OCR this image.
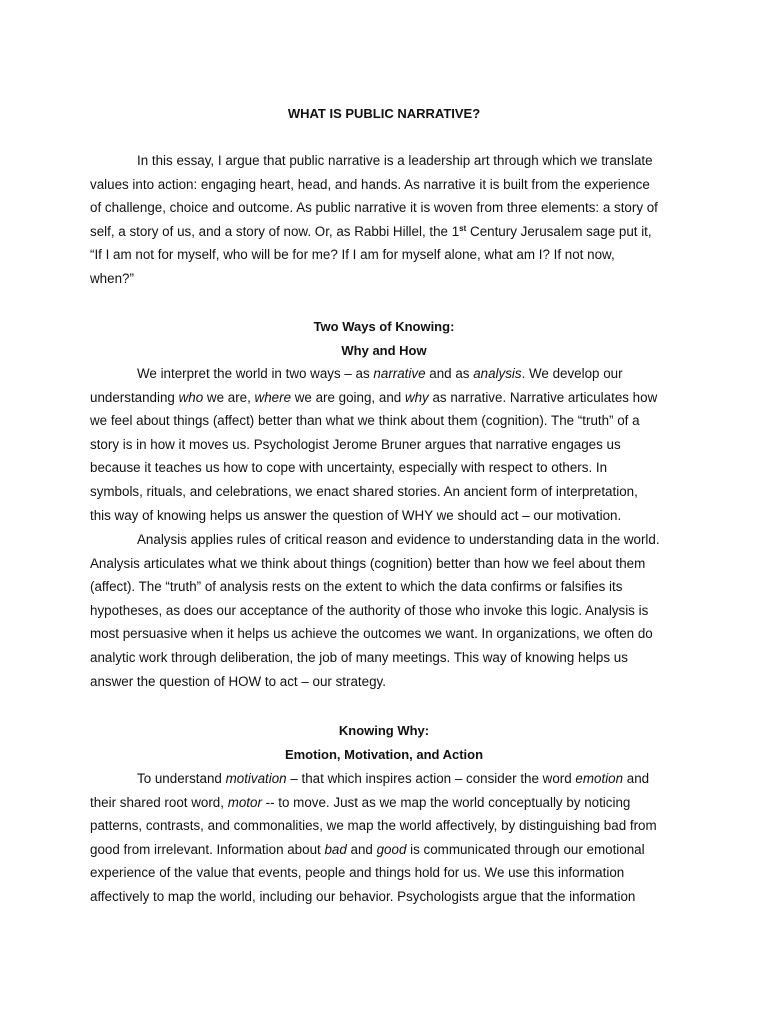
WHAT IS PUBLIC NARRATIVE?
In this essay, I argue that public narrative is a leadership art through which we translate
values into action: engaging heart, head, and hands. As narrative it is built from the experience
of challenge, choice and outcome. As public narrative it is woven from three elements: a story of
self, a story of us, and a story of now. Or, as Rabbi Hillel, the 1st Century Jerusalem sage put it,
“If I am not for myself, who will be for me? If I am for myself alone, what am I? If not now,
when?”
Two Ways of Knowing:
Why and How
We interpret the world in two ways – as narrative and as analysis. We develop our
understanding who we are, where we are going, and why as narrative. Narrative articulates how
we feel about things (affect) better than what we think about them (cognition). The “truth” of a
story is in how it moves us. Psychologist Jerome Bruner argues that narrative engages us
because it teaches us how to cope with uncertainty, especially with respect to others. In
symbols, rituals, and celebrations, we enact shared stories. An ancient form of interpretation,
this way of knowing helps us answer the question of WHY we should act – our motivation.
Analysis applies rules of critical reason and evidence to understanding data in the world.
Analysis articulates what we think about things (cognition) better than how we feel about them
(affect). The “truth” of analysis rests on the extent to which the data confirms or falsifies its
hypotheses, as does our acceptance of the authority of those who invoke this logic. Analysis is
most persuasive when it helps us achieve the outcomes we want. In organizations, we often do
analytic work through deliberation, the job of many meetings. This way of knowing helps us
answer the question of HOW to act – our strategy.
Knowing Why:
Emotion, Motivation, and Action
To understand motivation – that which inspires action – consider the word emotion and
their shared root word, motor -- to move. Just as we map the world conceptually by noticing
patterns, contrasts, and commonalities, we map the world affectively, by distinguishing bad from
good from irrelevant. Information about bad and good is communicated through our emotional
experience of the value that events, people and things hold for us. We use this information
affectively to map the world, including our behavior. Psychologists argue that the information
